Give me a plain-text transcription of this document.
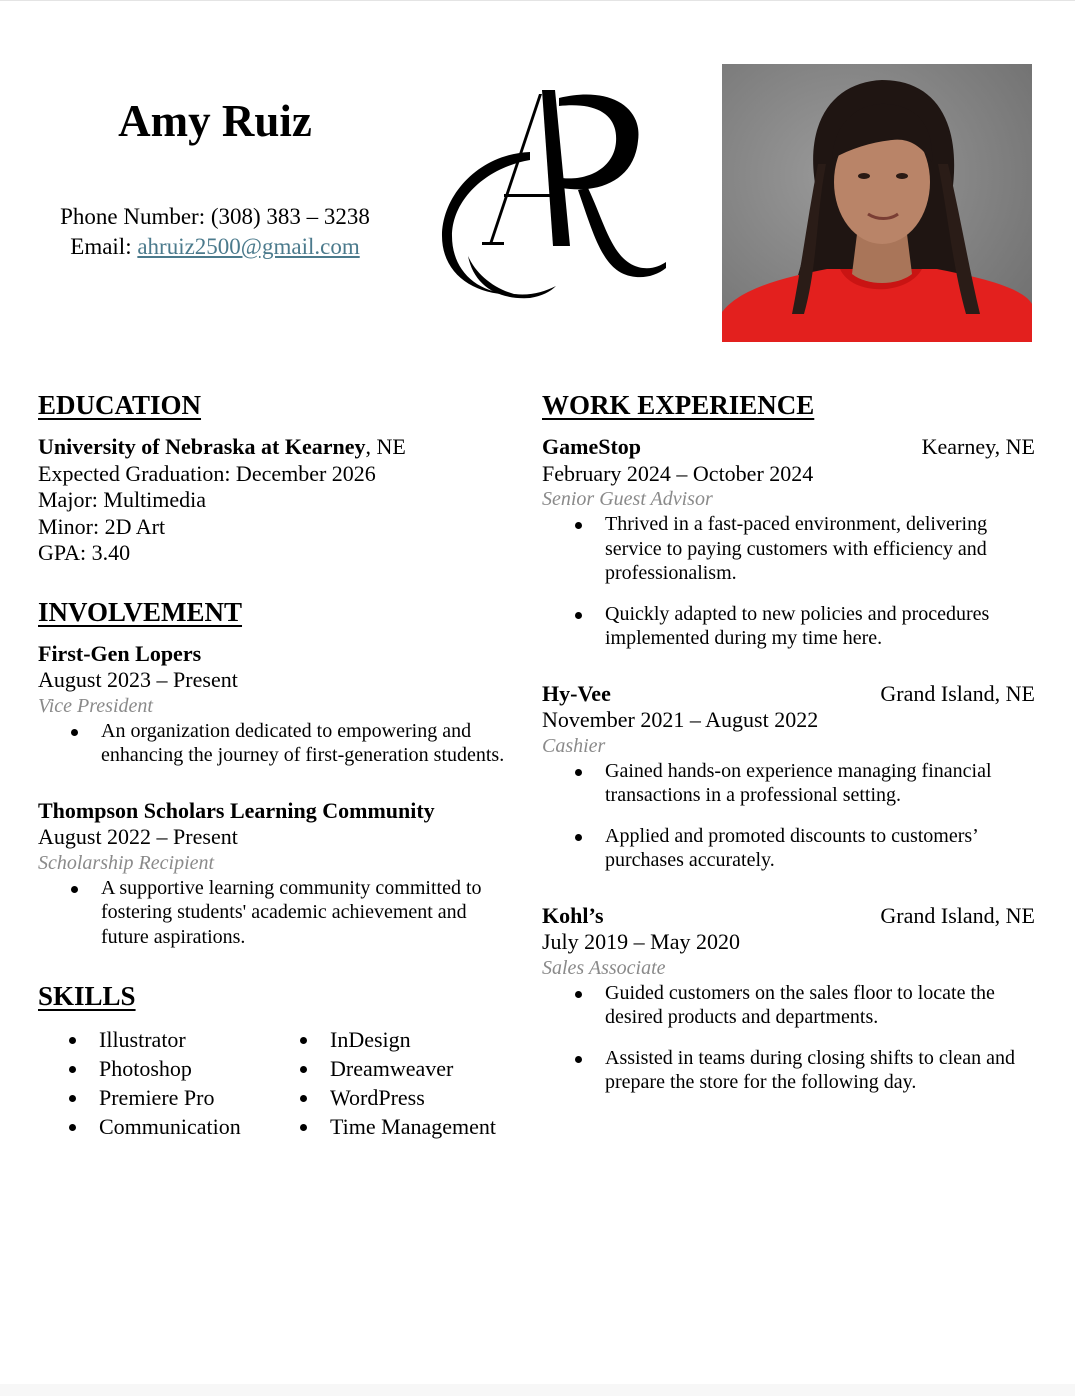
Amy Ruiz
Phone Number: (308) 383 – 3238
Email: ahruiz2500@gmail.com
EDUCATION
University of Nebraska at Kearney, NE
Expected Graduation: December 2026
Major: Multimedia
Minor: 2D Art
GPA: 3.40
INVOLVEMENT
First-Gen Lopers
August 2023 – Present
Vice President
An organization dedicated to empowering and enhancing the journey of first-generation students.
Thompson Scholars Learning Community
August 2022 – Present
Scholarship Recipient
A supportive learning community committed to fostering students' academic achievement and future aspirations.
SKILLS
Illustrator
Photoshop
Premiere Pro
Communication
InDesign
Dreamweaver
WordPress
Time Management
WORK EXPERIENCE
GameStop	Kearney, NE
February 2024 – October 2024
Senior Guest Advisor
Thrived in a fast-paced environment, delivering service to paying customers with efficiency and professionalism.
Quickly adapted to new policies and procedures implemented during my time here.
Hy-Vee	Grand Island, NE
November 2021 – August 2022
Cashier
Gained hands-on experience managing financial transactions in a professional setting.
Applied and promoted discounts to customers’ purchases accurately.
Kohl’s	Grand Island, NE
July 2019 – May 2020
Sales Associate
Guided customers on the sales floor to locate the desired products and departments.
Assisted in teams during closing shifts to clean and prepare the store for the following day.
